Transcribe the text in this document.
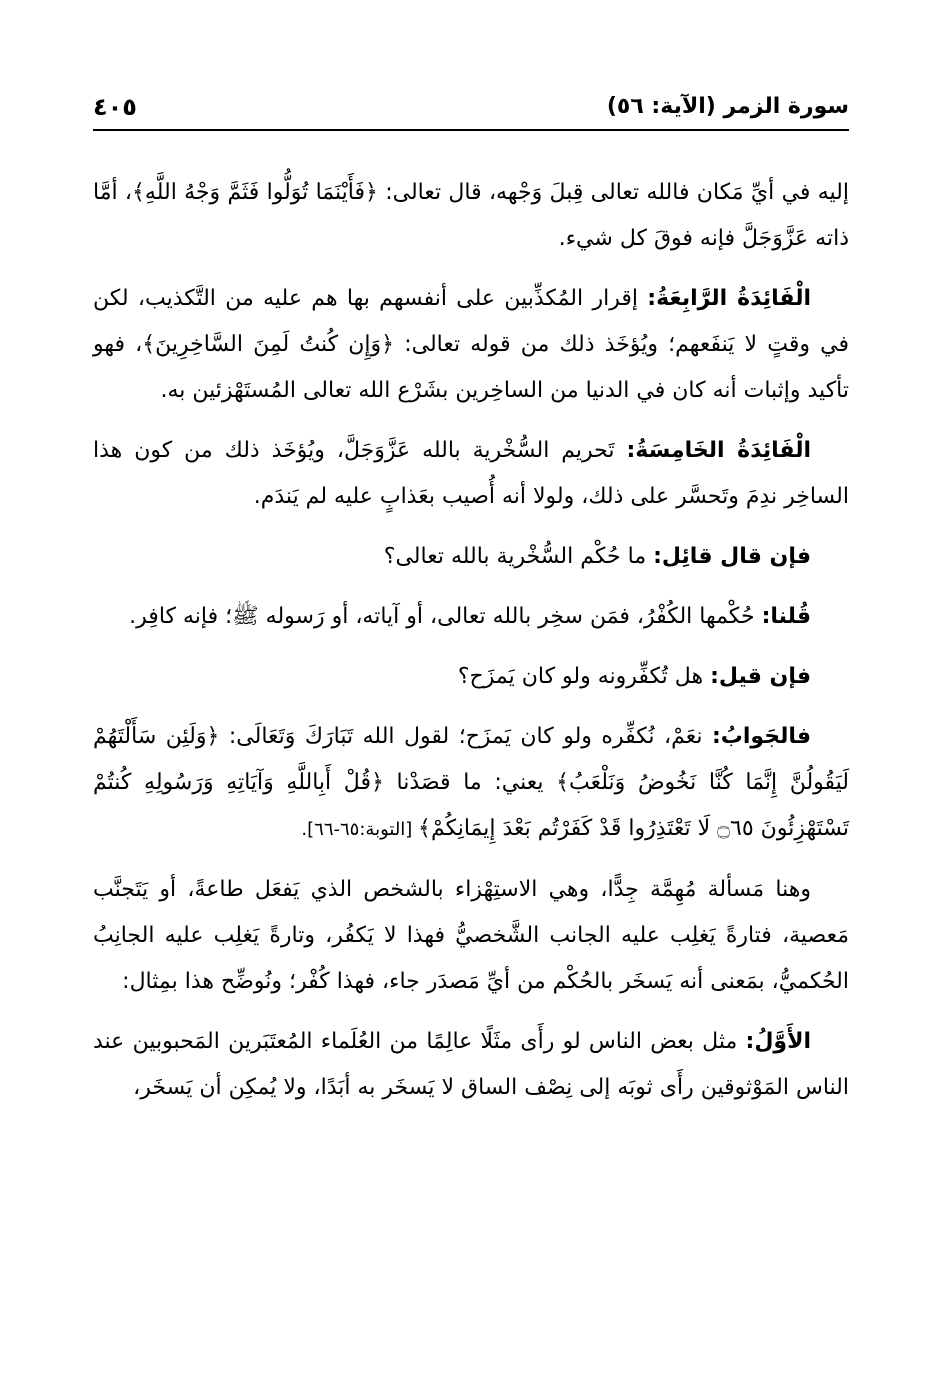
سورة الزمر (الآية: ٥٦)
٤٠٥

إليه في أيِّ مَكان فالله تعالى قِبلَ وَجْهه، قال تعالى: ﴿فَأَيْنَمَا تُوَلُّوا فَثَمَّ وَجْهُ اللَّهِ﴾، أمَّا ذاته عَزَّوَجَلَّ فإنه فوقَ كل شيء.

الْفَائِدَةُ الرَّابِعَةُ: إقرار المُكذِّبين على أنفسهم بها هم عليه من التَّكذيب، لكن في وقتٍ لا يَنفَعهم؛ ويُؤخَذ ذلك من قوله تعالى: ﴿وَإِن كُنتُ لَمِنَ السَّاخِرِينَ﴾، فهو تأكيد وإثبات أنه كان في الدنيا من الساخِرين بشَرْع الله تعالى المُستَهْزئين به.

الْفَائِدَةُ الخَامِسَةُ: تَحريم السُّخْرية بالله عَزَّوَجَلَّ، ويُؤخَذ ذلك من كون هذا الساخِر ندِمَ وتَحسَّر على ذلك، ولولا أنه أُصيب بعَذابٍ عليه لم يَندَم.

فإن قال قائِل: ما حُكْم السُّخْرية بالله تعالى؟

قُلنا: حُكْمها الكُفْرُ، فمَن سخِر بالله تعالى، أو آياته، أو رَسوله ﷺ؛ فإنه كافِر.

فإن قيل: هل تُكفِّرونه ولو كان يَمزَح؟

فالجَوابُ: نعَمْ، نُكفِّره ولو كان يَمزَح؛ لقول الله تَبَارَكَ وَتَعَالَى: ﴿وَلَئِن سَأَلْتَهُمْ لَيَقُولُنَّ إِنَّمَا كُنَّا نَخُوضُ وَنَلْعَبُ﴾ يعني: ما قصَدْنا ﴿قُلْ أَبِاللَّهِ وَآيَاتِهِ وَرَسُولِهِ كُنتُمْ تَسْتَهْزِئُونَ ۝٦٥ لَا تَعْتَذِرُوا قَدْ كَفَرْتُم بَعْدَ إِيمَانِكُمْ﴾ [التوبة:٦٥-٦٦].

وهنا مَسألة مُهِمَّة جِدًّا، وهي الاستِهْزاء بالشخص الذي يَفعَل طاعةً، أو يَتَجنَّب مَعصية، فتارةً يَغلِب عليه الجانب الشَّخصيُّ فهذا لا يَكفُر، وتارةً يَغلِب عليه الجانِبُ الحُكميُّ، بمَعنى أنه يَسخَر بالحُكْم من أيِّ مَصدَر جاء، فهذا كُفْر؛ ونُوضِّح هذا بمِثال:

الأَوَّلُ: مثل بعض الناس لو رأَى مثَلًا عالِمًا من العُلَماء المُعتَبَرين المَحبوبين عند الناس المَوْثوقين رأَى ثوبَه إلى نِصْف الساق لا يَسخَر به أبَدًا، ولا يُمكِن أن يَسخَر،
